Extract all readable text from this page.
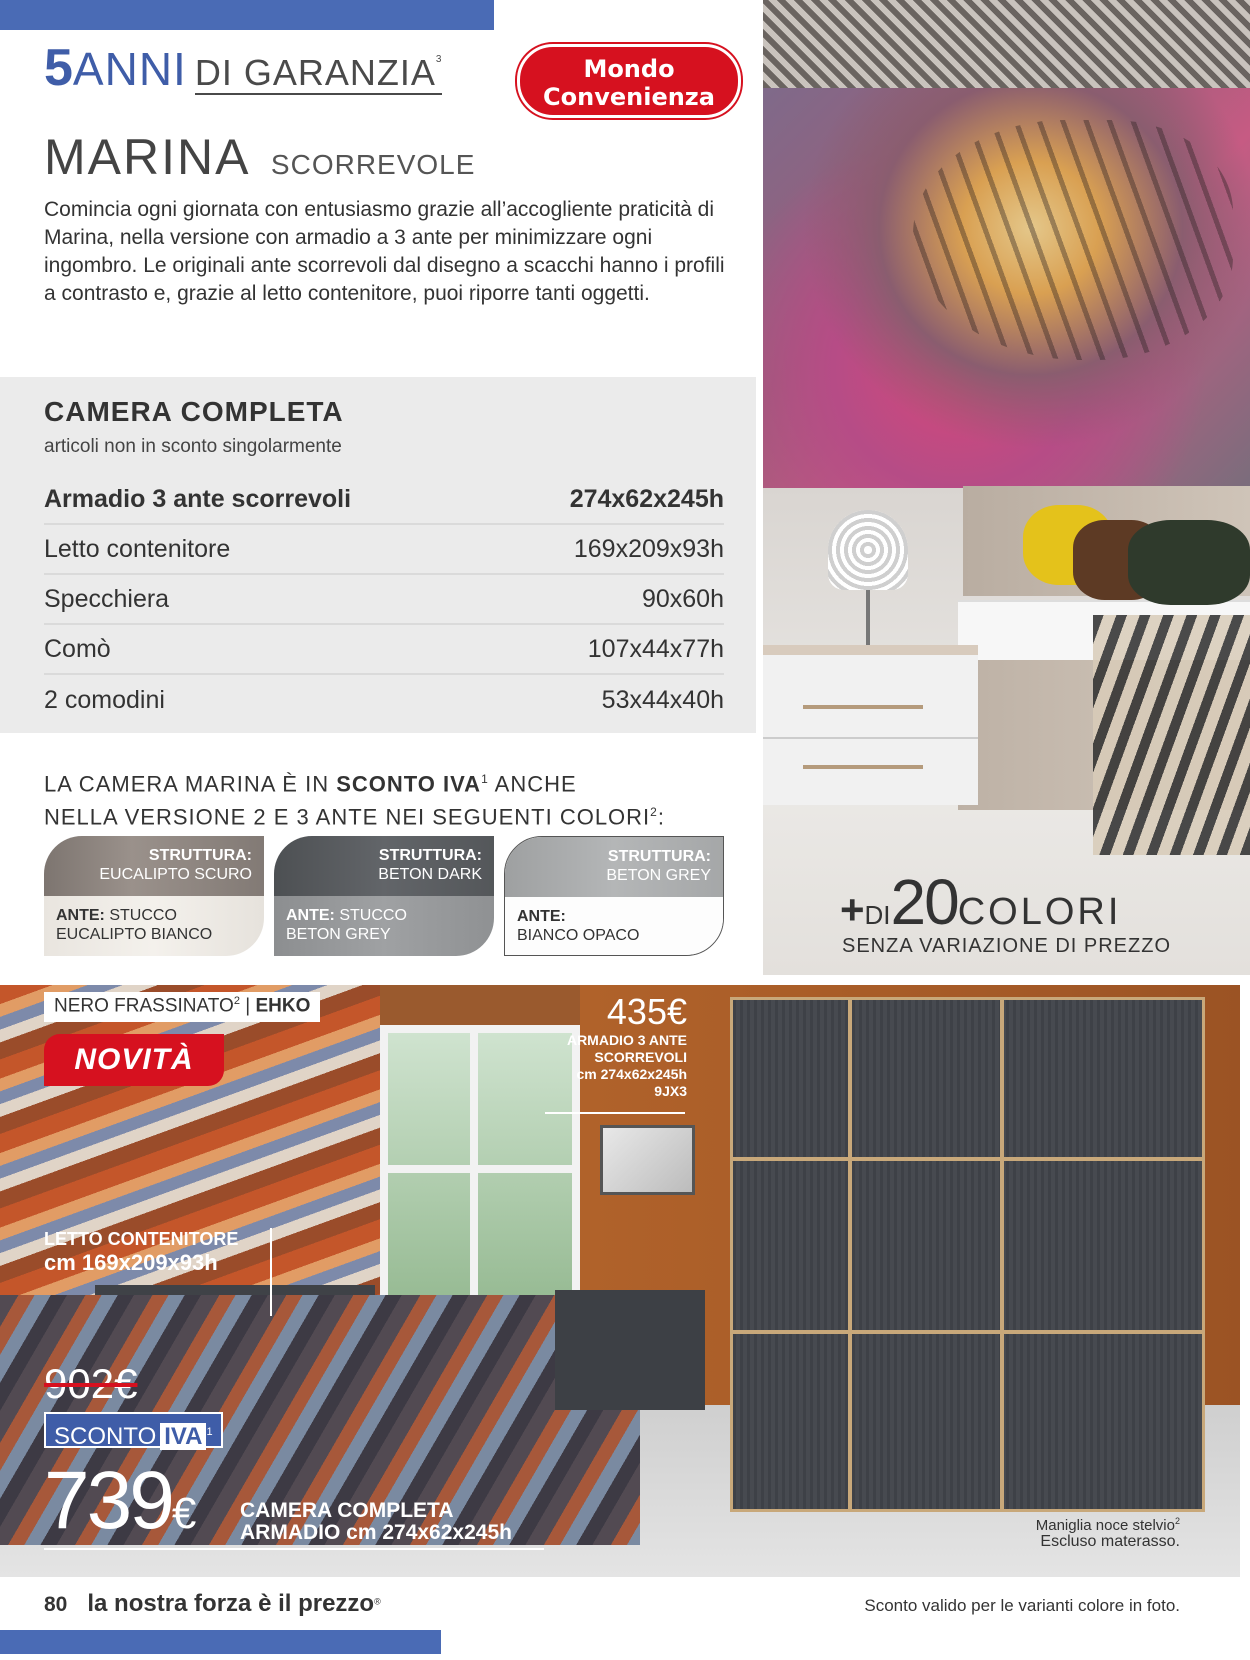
5 ANNI DI GARANZIA$^3$	Mondo
Convenienza
MARINA SCORREVOLE
Comincia ogni giornata con entusiasmo grazie all’accogliente praticità di Marina, nella versione con armadio a 3 ante per minimizzare ogni ingombro. Le originali ante scorrevoli dal disegno a scacchi hanno i profili a contrasto e, grazie al letto contenitore, puoi riporre tanti oggetti.
CAMERA COMPLETA
articoli non in sconto singolarmente
Armadio 3 ante scorrevoli	274x62x245h
Letto contenitore	169x209x93h
Specchiera	90x60h
Comò	107x44x77h
2 comodini	53x44x40h
LA CAMERA MARINA È IN SCONTO IVA$^1$ ANCHE
NELLA VERSIONE 2 E 3 ANTE NEI SEGUENTI COLORI$^2$:
STRUTTURA:
EUCALIPTO SCURO
ANTE: STUCCO
EUCALIPTO BIANCO
STRUTTURA:
BETON DARK
ANTE: STUCCO
BETON GREY
STRUTTURA:
BETON GREY
ANTE:
BIANCO OPACO
+DI20COLORI
SENZA VARIAZIONE DI PREZZO
NERO FRASSINATO$^2$ | EHKO
NOVITÀ
435€
ARMADIO 3 ANTE
SCORREVOLI
cm 274x62x245h
9JX3
LETTO CONTENITORE
cm 169x209x93h
902€
SCONTO IVA $^1$
739€ CAMERA COMPLETA
ARMADIO cm 274x62x245h	Maniglia noce stelvio$^2$
Escluso materasso.
80 la nostra forza è il prezzo®	Sconto valido per le varianti colore in foto.
